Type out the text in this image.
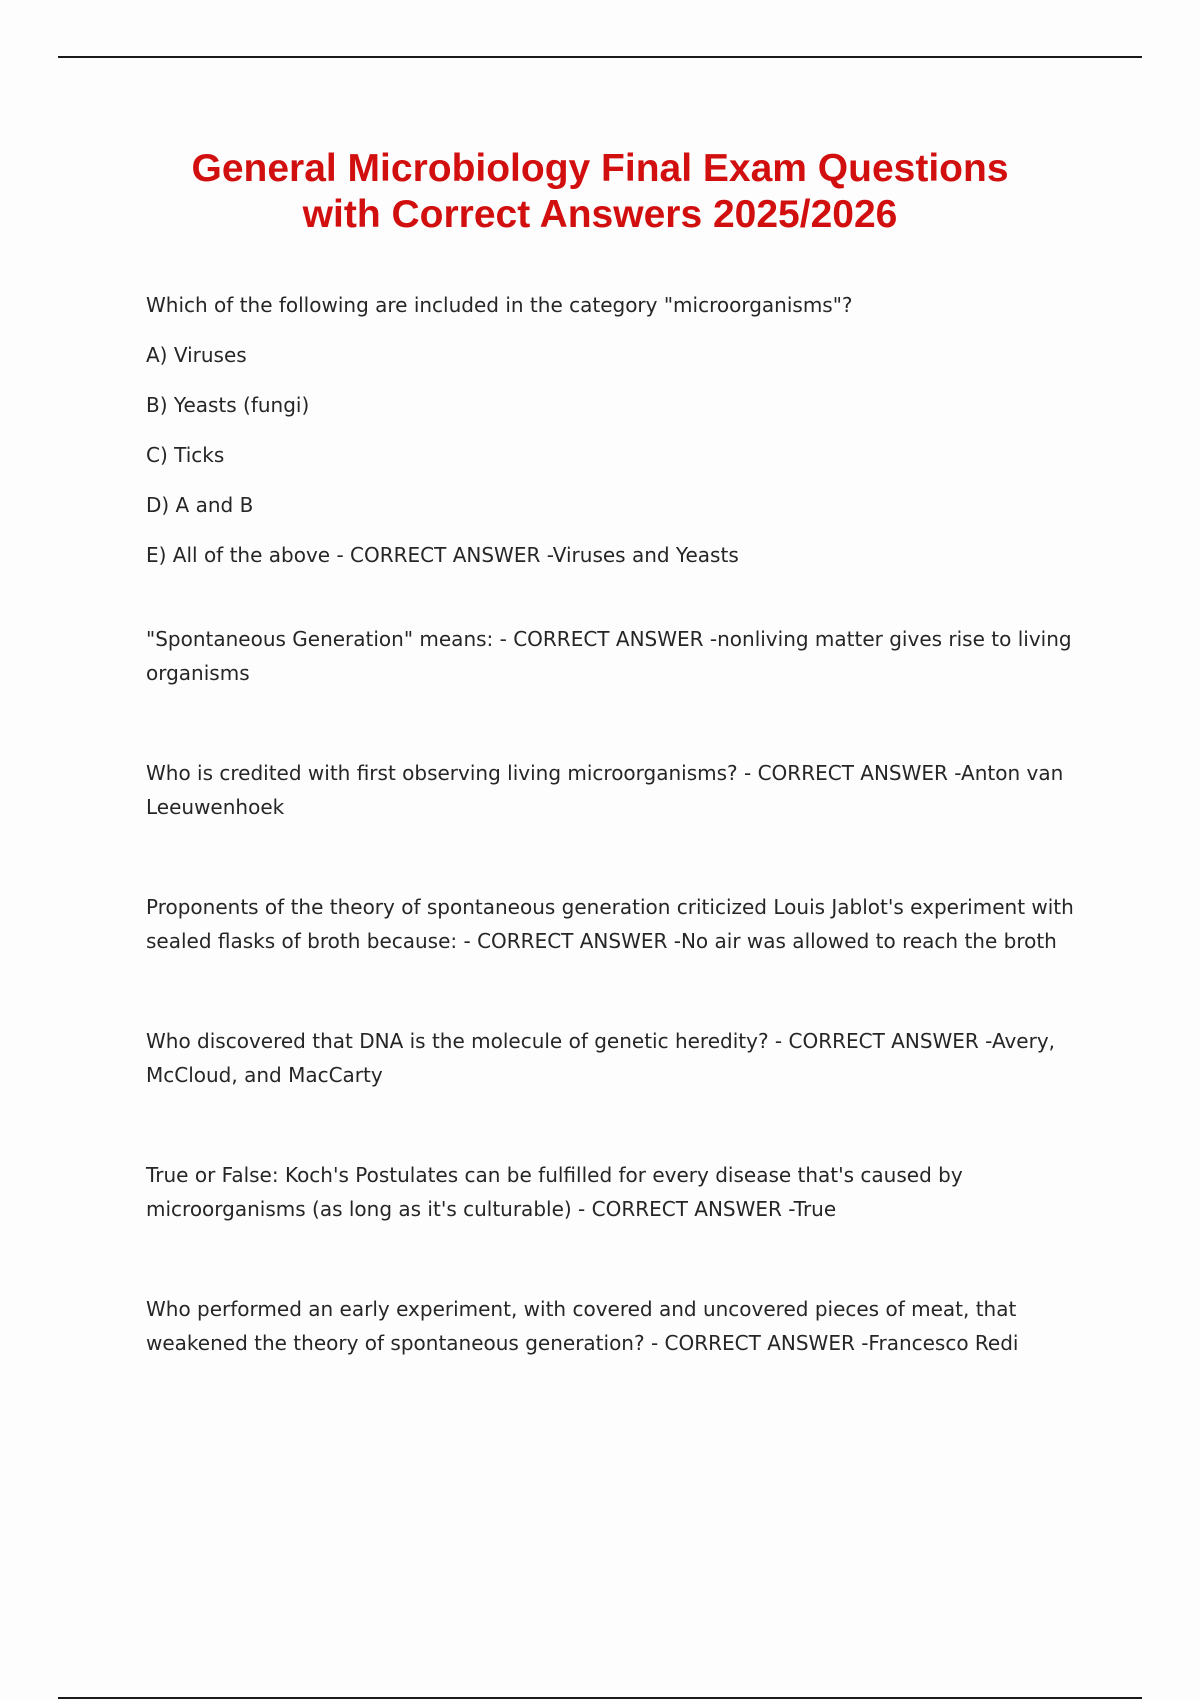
General Microbiology Final Exam Questions
with Correct Answers 2025/2026

Which of the following are included in the category "microorganisms"?

A) Viruses

B) Yeasts (fungi)

C) Ticks

D) A and B

E) All of the above - CORRECT ANSWER -Viruses and Yeasts

"Spontaneous Generation" means: - CORRECT ANSWER -nonliving matter gives rise to living organisms

Who is credited with first observing living microorganisms? - CORRECT ANSWER -Anton van Leeuwenhoek

Proponents of the theory of spontaneous generation criticized Louis Jablot's experiment with sealed flasks of broth because: - CORRECT ANSWER -No air was allowed to reach the broth

Who discovered that DNA is the molecule of genetic heredity? - CORRECT ANSWER -Avery, McCloud, and MacCarty

True or False: Koch's Postulates can be fulfilled for every disease that's caused by microorganisms (as long as it's culturable) - CORRECT ANSWER -True

Who performed an early experiment, with covered and uncovered pieces of meat, that weakened the theory of spontaneous generation? - CORRECT ANSWER -Francesco Redi
